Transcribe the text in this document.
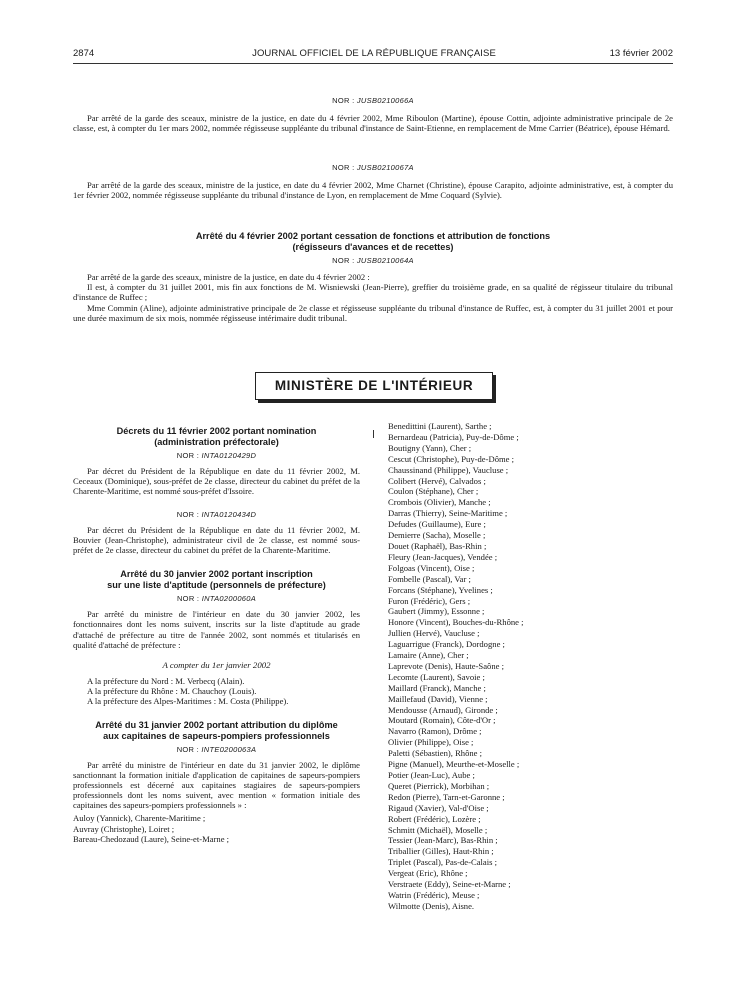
2874	JOURNAL OFFICIEL DE LA RÉPUBLIQUE FRANÇAISE	13 février 2002
NOR : JUSB0210066A

Par arrêté de la garde des sceaux, ministre de la justice, en date du 4 février 2002, Mme Riboulon (Martine), épouse Cottin, adjointe administrative principale de 2e classe, est, à compter du 1er mars 2002, nommée régisseuse suppléante du tribunal d'instance de Saint-Etienne, en remplacement de Mme Carrier (Béatrice), épouse Hémard.

NOR : JUSB0210067A

Par arrêté de la garde des sceaux, ministre de la justice, en date du 4 février 2002, Mme Charnet (Christine), épouse Carapito, adjointe administrative, est, à compter du 1er février 2002, nommée régisseuse suppléante du tribunal d'instance de Lyon, en remplacement de Mme Coquard (Sylvie).

Arrêté du 4 février 2002 portant cessation de fonctions et attribution de fonctions
(régisseurs d'avances et de recettes)
NOR : JUSB0210064A

Par arrêté de la garde des sceaux, ministre de la justice, en date du 4 février 2002 :

Il est, à compter du 31 juillet 2001, mis fin aux fonctions de M. Wisniewski (Jean-Pierre), greffier du troisième grade, en sa qualité de régisseur titulaire du tribunal d'instance de Ruffec ;

Mme Commin (Aline), adjointe administrative principale de 2e classe et régisseuse suppléante du tribunal d'instance de Ruffec, est, à compter du 31 juillet 2001 et pour une durée maximum de six mois, nommée régisseuse intérimaire dudit tribunal.

MINISTÈRE DE L'INTÉRIEUR
Décrets du 11 février 2002 portant nomination
(administration préfectorale)
NOR : INTA0120429D

Par décret du Président de la République en date du 11 février 2002, M. Ceceaux (Dominique), sous-préfet de 2e classe, directeur du cabinet du préfet de la Charente-Maritime, est nommé sous-préfet d'Issoire.

NOR : INTA0120434D

Par décret du Président de la République en date du 11 février 2002, M. Bouvier (Jean-Christophe), administrateur civil de 2e classe, est nommé sous-préfet de 2e classe, directeur du cabinet du préfet de la Charente-Maritime.

Arrêté du 30 janvier 2002 portant inscription
sur une liste d'aptitude (personnels de préfecture)
NOR : INTA0200060A

Par arrêté du ministre de l'intérieur en date du 30 janvier 2002, les fonctionnaires dont les noms suivent, inscrits sur la liste d'aptitude au grade d'attaché de préfecture au titre de l'année 2002, sont nommés et titularisés en qualité d'attaché de préfecture :

A compter du 1er janvier 2002

A la préfecture du Nord : M. Verbecq (Alain).

A la préfecture du Rhône : M. Chauchoy (Louis).

A la préfecture des Alpes-Maritimes : M. Costa (Philippe).

Arrêté du 31 janvier 2002 portant attribution du diplôme
aux capitaines de sapeurs-pompiers professionnels
NOR : INTE0200063A

Par arrêté du ministre de l'intérieur en date du 31 janvier 2002, le diplôme sanctionnant la formation initiale d'application de capitaines de sapeurs-pompiers professionnels est décerné aux capitaines stagiaires de sapeurs-pompiers professionnels dont les noms suivent, avec mention « formation initiale des capitaines des sapeurs-pompiers professionnels » :

Auloy (Yannick), Charente-Maritime ;
Auvray (Christophe), Loiret ;
Bareau-Chedozaud (Laure), Seine-et-Marne ;
Benedittini (Laurent), Sarthe ;
Bernardeau (Patricia), Puy-de-Dôme ;
Boutigny (Yann), Cher ;
Cescut (Christophe), Puy-de-Dôme ;
Chaussinand (Philippe), Vaucluse ;
Colibert (Hervé), Calvados ;
Coulon (Stéphane), Cher ;
Crombois (Olivier), Manche ;
Darras (Thierry), Seine-Maritime ;
Defudes (Guillaume), Eure ;
Demierre (Sacha), Moselle ;
Douet (Raphaël), Bas-Rhin ;
Fleury (Jean-Jacques), Vendée ;
Folgoas (Vincent), Oise ;
Fombelle (Pascal), Var ;
Forcans (Stéphane), Yvelines ;
Furon (Frédéric), Gers ;
Gaubert (Jimmy), Essonne ;
Honore (Vincent), Bouches-du-Rhône ;
Jullien (Hervé), Vaucluse ;
Laguarrigue (Franck), Dordogne ;
Lamaire (Anne), Cher ;
Laprevote (Denis), Haute-Saône ;
Lecomte (Laurent), Savoie ;
Maillard (Franck), Manche ;
Maillefaud (David), Vienne ;
Mendousse (Arnaud), Gironde ;
Moutard (Romain), Côte-d'Or ;
Navarro (Ramon), Drôme ;
Olivier (Philippe), Oise ;
Paletti (Sébastien), Rhône ;
Pigne (Manuel), Meurthe-et-Moselle ;
Potier (Jean-Luc), Aube ;
Queret (Pierrick), Morbihan ;
Redon (Pierre), Tarn-et-Garonne ;
Rigaud (Xavier), Val-d'Oise ;
Robert (Frédéric), Lozère ;
Schmitt (Michaël), Moselle ;
Tessier (Jean-Marc), Bas-Rhin ;
Triballier (Gilles), Haut-Rhin ;
Triplet (Pascal), Pas-de-Calais ;
Vergeat (Eric), Rhône ;
Verstraete (Eddy), Seine-et-Marne ;
Watrin (Frédéric), Meuse ;
Wilmotte (Denis), Aisne.
